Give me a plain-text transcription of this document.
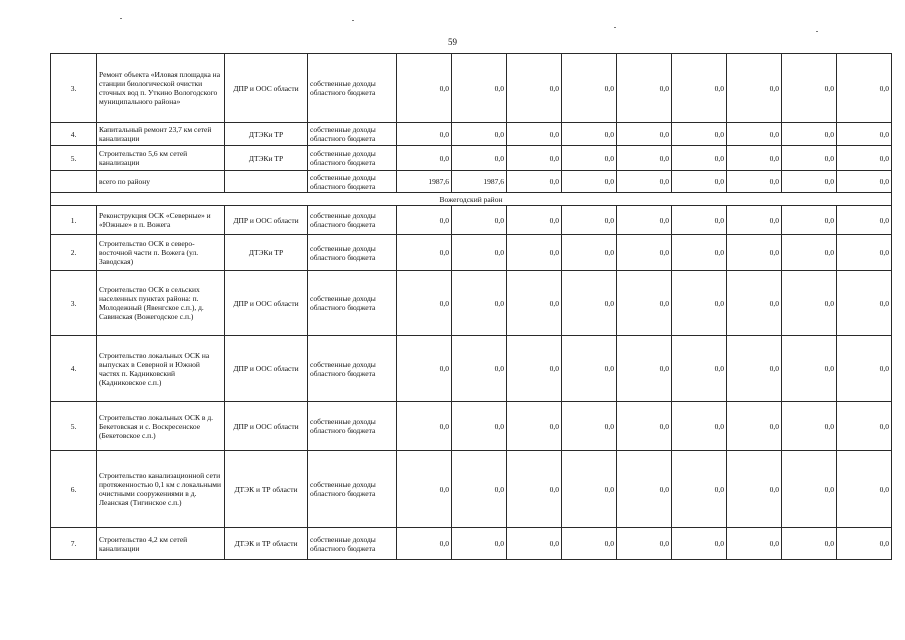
59
3.	Ремонт объекта «Иловая площадка на станции биологической очистки сточных вод п. Уткино Вологодского муниципального района»	ДПР и ООС области	собственные доходы областного бюджета	0,0	0,0	0,0	0,0	0,0	0,0	0,0	0,0	0,0
4.	Капитальный ремонт 23,7 км сетей канализации	ДТЭКи ТР	собственные доходы областного бюджета	0,0	0,0	0,0	0,0	0,0	0,0	0,0	0,0	0,0
5.	Строительство 5,6 км сетей канализации	ДТЭКи ТР	собственные доходы областного бюджета	0,0	0,0	0,0	0,0	0,0	0,0	0,0	0,0	0,0
	всего по району		собственные доходы областного бюджета	1987,6	1987,6	0,0	0,0	0,0	0,0	0,0	0,0	0,0
Вожегодский район												
1.	Реконструкция ОСК «Северные» и «Южные» в п. Вожега	ДПР и ООС области	собственные доходы областного бюджета	0,0	0,0	0,0	0,0	0,0	0,0	0,0	0,0	0,0
2.	Строительство ОСК в северо-восточной части п. Вожега (ул. Заводская)	ДТЭКи ТР	собственные доходы областного бюджета	0,0	0,0	0,0	0,0	0,0	0,0	0,0	0,0	0,0
3.	Строительство ОСК в сельских населенных пунктах района: п. Молодежный (Явенгское с.п.), д. Савинская (Вожегодское с.п.)	ДПР и ООС области	собственные доходы областного бюджета	0,0	0,0	0,0	0,0	0,0	0,0	0,0	0,0	0,0
4.	Строительство локальных ОСК на выпусках в Северной и Южной частях п. Кадниковский (Кадниковское с.п.)	ДПР и ООС области	собственные доходы областного бюджета	0,0	0,0	0,0	0,0	0,0	0,0	0,0	0,0	0,0
5.	Строительство локальных ОСК в д. Бекетовская и с. Воскресенское (Бекетовское с.п.)	ДПР и ООС области	собственные доходы областного бюджета	0,0	0,0	0,0	0,0	0,0	0,0	0,0	0,0	0,0
6.	Строительство канализационной сети протяженностью 0,1 км с локальными очистными сооружениями в д. Леанская (Тигинское с.п.)	ДТЭК и ТР области	собственные доходы областного бюджета	0,0	0,0	0,0	0,0	0,0	0,0	0,0	0,0	0,0
7.	Строительство 4,2 км сетей канализации	ДТЭК и ТР области	собственные доходы областного бюджета	0,0	0,0	0,0	0,0	0,0	0,0	0,0	0,0	0,0
